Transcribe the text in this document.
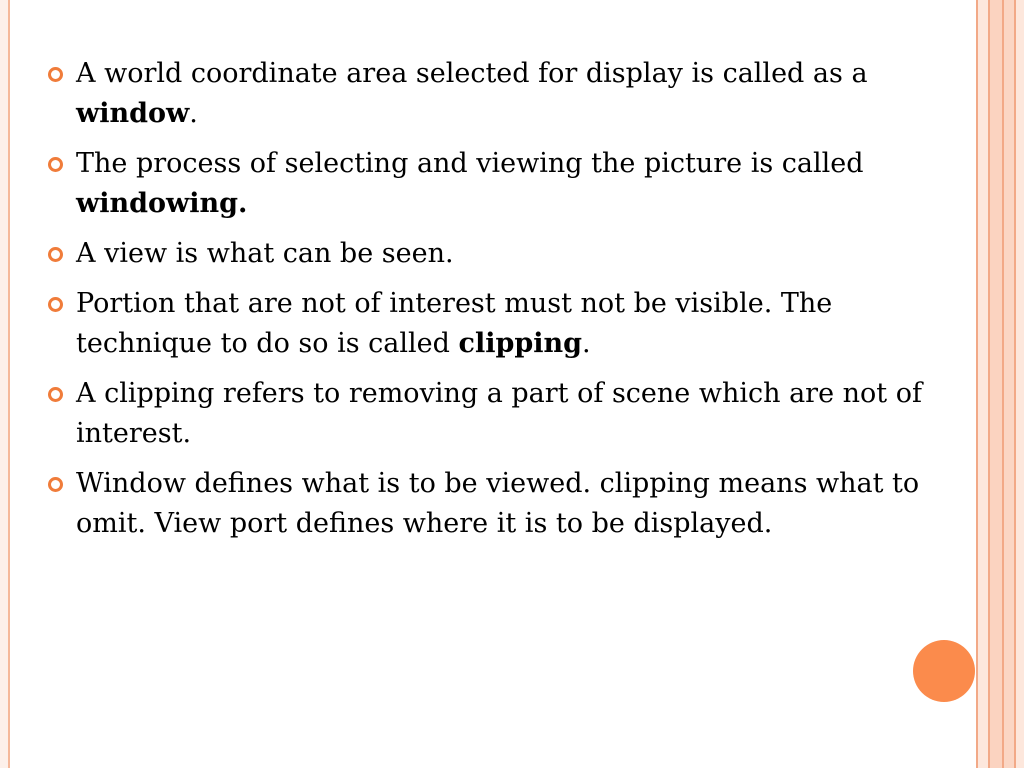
A world coordinate area selected for display is called as a window.
The process of selecting and viewing the picture is called windowing.
A view is what can be seen.
Portion that are not of interest must not be visible. The technique to do so is called clipping.
A clipping refers to removing a part of scene which are not of interest.
Window defines what is to be viewed. clipping means what to omit. View port defines where it is to be displayed.
